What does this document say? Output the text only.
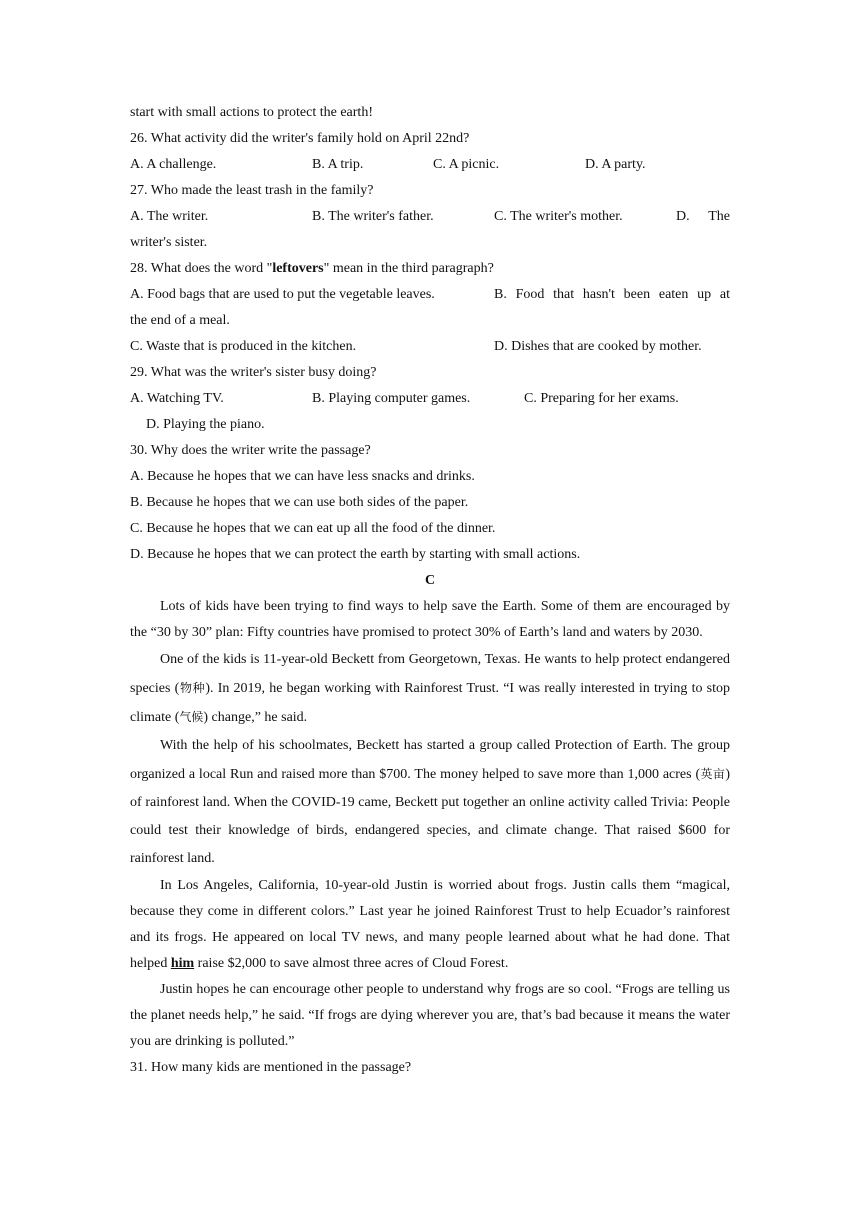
start with small actions to protect the earth!
26. What activity did the writer's family hold on April 22nd?
A. A challenge.	B. A trip.	C. A picnic.	D. A party.
27. Who made the least trash in the family?
A. The writer.	B. The writer's father.	C. The writer's mother.	D. The
writer's sister.
28. What does the word "leftovers" mean in the third paragraph?
A. Food bags that are used to put the vegetable leaves.	B. Food that hasn't been eaten up at
the end of a meal.
C. Waste that is produced in the kitchen.	D. Dishes that are cooked by mother.
29. What was the writer's sister busy doing?
A. Watching TV.	B. Playing computer games.	C. Preparing for her exams.
D. Playing the piano.
30. Why does the writer write the passage?
A. Because he hopes that we can have less snacks and drinks.
B. Because he hopes that we can use both sides of the paper.
C. Because he hopes that we can eat up all the food of the dinner.
D. Because he hopes that we can protect the earth by starting with small actions.
C

Lots of kids have been trying to find ways to help save the Earth. Some of them are encouraged by the “30 by 30” plan: Fifty countries have promised to protect 30% of Earth’s land and waters by 2030.

One of the kids is 11-year-old Beckett from Georgetown, Texas. He wants to help protect endangered species (物种). In 2019, he began working with Rainforest Trust. “I was really interested in trying to stop climate (气候) change,” he said.

With the help of his schoolmates, Beckett has started a group called Protection of Earth. The group organized a local Run and raised more than $700. The money helped to save more than 1,000 acres (英亩) of rainforest land. When the COVID-19 came, Beckett put together an online activity called Trivia: People could test their knowledge of birds, endangered species, and climate change. That raised $600 for rainforest land.

In Los Angeles, California, 10-year-old Justin is worried about frogs. Justin calls them “magical, because they come in different colors.” Last year he joined Rainforest Trust to help Ecuador’s rainforest and its frogs. He appeared on local TV news, and many people learned about what he had done. That helped him raise $2,000 to save almost three acres of Cloud Forest.

Justin hopes he can encourage other people to understand why frogs are so cool. “Frogs are telling us the planet needs help,” he said. “If frogs are dying wherever you are, that’s bad because it means the water you are drinking is polluted.”

31. How many kids are mentioned in the passage?
